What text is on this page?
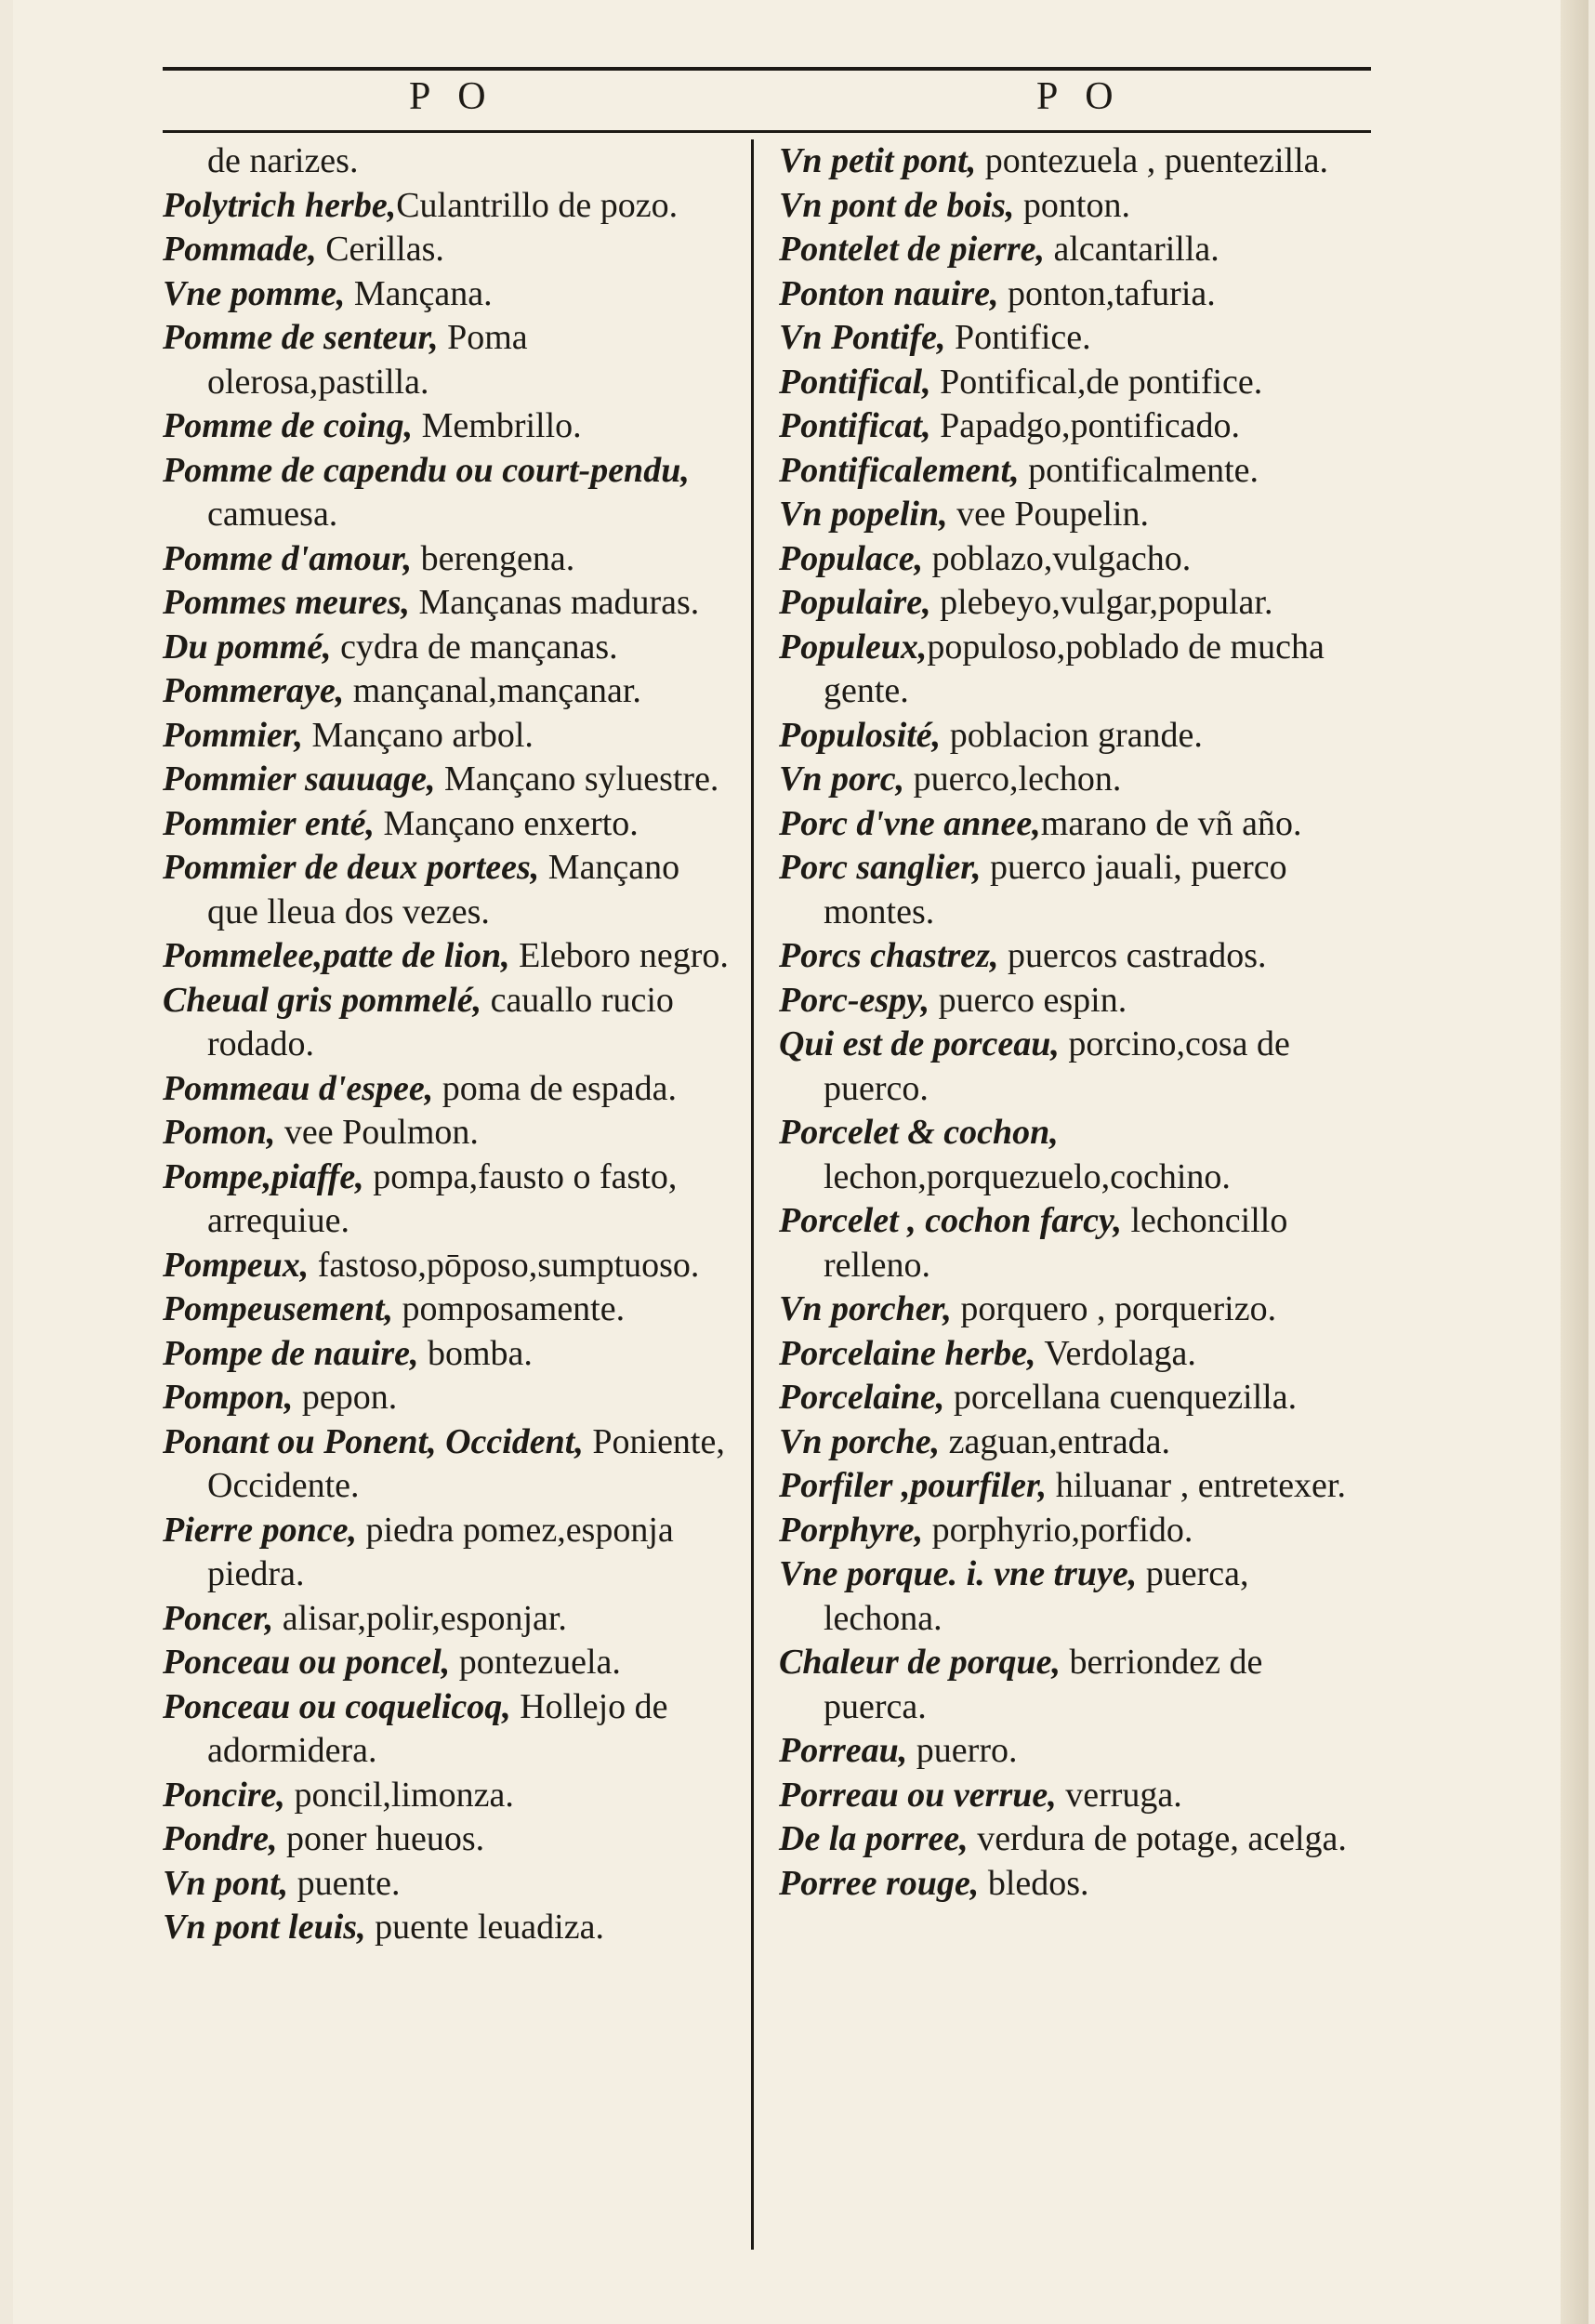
P O	P O

de narizes.

Polytrich herbe,Culantrillo de pozo.

Pommade, Cerillas.

Vne pomme, Mançana.

Pomme de senteur, Poma olerosa,pastilla.

Pomme de coing, Membrillo.

Pomme de capendu ou court-pendu, camuesa.

Pomme d'amour, berengena.

Pommes meures, Mançanas maduras.

Du pommé, cydra de mançanas.

Pommeraye, mançanal,mançanar.

Pommier, Mançano arbol.

Pommier sauuage, Mançano syluestre.

Pommier enté, Mançano enxerto.

Pommier de deux portees, Mançano que lleua dos vezes.

Pommelee,patte de lion, Eleboro negro.

Cheual gris pommelé, cauallo rucio rodado.

Pommeau d'espee, poma de espada.

Pomon, vee Poulmon.

Pompe,piaffe, pompa,fausto o fasto, arrequiue.

Pompeux, fastoso,pōposo,sumptuoso.

Pompeusement, pomposamente.

Pompe de nauire, bomba.

Pompon, pepon.

Ponant ou Ponent, Occident, Poniente, Occidente.

Pierre ponce, piedra pomez,esponja piedra.

Poncer, alisar,polir,esponjar.

Ponceau ou poncel, pontezuela.

Ponceau ou coquelicoq, Hollejo de adormidera.

Poncire, poncil,limonza.

Pondre, poner hueuos.

Vn pont, puente.

Vn pont leuis, puente leuadiza.

Vn petit pont, pontezuela , puentezilla.

Vn pont de bois, ponton.

Pontelet de pierre, alcantarilla.

Ponton nauire, ponton,tafuria.

Vn Pontife, Pontifice.

Pontifical, Pontifical,de pontifice.

Pontificat, Papadgo,pontificado.

Pontificalement, pontificalmente.

Vn popelin, vee Poupelin.

Populace, poblazo,vulgacho.

Populaire, plebeyo,vulgar,popular.

Populeux,populoso,poblado de mucha gente.

Populosité, poblacion grande.

Vn porc, puerco,lechon.

Porc d'vne annee,marano de vñ año.

Porc sanglier, puerco jauali, puerco montes.

Porcs chastrez, puercos castrados.

Porc-espy, puerco espin.

Qui est de porceau, porcino,cosa de puerco.

Porcelet & cochon, lechon,porquezuelo,cochino.

Porcelet , cochon farcy, lechoncillo relleno.

Vn porcher, porquero , porquerizo.

Porcelaine herbe, Verdolaga.

Porcelaine, porcellana cuenquezilla.

Vn porche, zaguan,entrada.

Porfiler ,pourfiler, hiluanar , entretexer.

Porphyre, porphyrio,porfido.

Vne porque. i. vne truye, puerca, lechona.

Chaleur de porque, berriondez de puerca.

Porreau, puerro.

Porreau ou verrue, verruga.

De la porree, verdura de potage, acelga.

Porree rouge, bledos.
